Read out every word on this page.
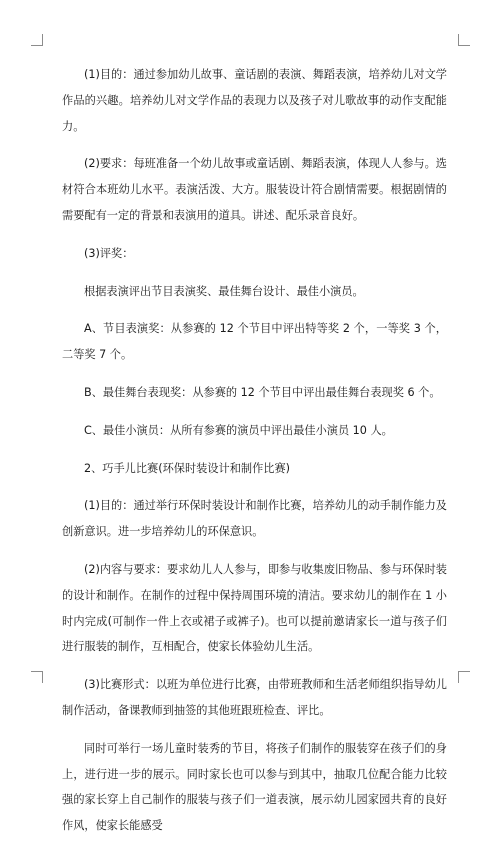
(1)目的：通过参加幼儿故事、童话剧的表演、舞蹈表演，培养幼儿对文学作品的兴趣。培养幼儿对文学作品的表现力以及孩子对儿歌故事的动作支配能力。

(2)要求：每班准备一个幼儿故事或童话剧、舞蹈表演，体现人人参与。选材符合本班幼儿水平。表演活泼、大方。服装设计符合剧情需要。根据剧情的需要配有一定的背景和表演用的道具。讲述、配乐录音良好。

(3)评奖：

根据表演评出节目表演奖、最佳舞台设计、最佳小演员。

A、节目表演奖：从参赛的 12 个节目中评出特等奖 2 个，一等奖 3 个，二等奖 7 个。

B、最佳舞台表现奖：从参赛的 12 个节目中评出最佳舞台表现奖 6 个。

C、最佳小演员：从所有参赛的演员中评出最佳小演员 10 人。

2、巧手儿比赛(环保时装设计和制作比赛)

(1)目的：通过举行环保时装设计和制作比赛，培养幼儿的动手制作能力及创新意识。进一步培养幼儿的环保意识。

(2)内容与要求：要求幼儿人人参与，即参与收集废旧物品、参与环保时装的设计和制作。在制作的过程中保持周围环境的清洁。要求幼儿的制作在 1 小时内完成(可制作一件上衣或裙子或裤子)。也可以提前邀请家长一道与孩子们进行服装的制作，互相配合，使家长体验幼儿生活。

(3)比赛形式：以班为单位进行比赛，由带班教师和生活老师组织指导幼儿制作活动，备课教师到抽签的其他班跟班检查、评比。

同时可举行一场儿童时装秀的节目，将孩子们制作的服装穿在孩子们的身上，进行进一步的展示。同时家长也可以参与到其中，抽取几位配合能力比较强的家长穿上自己制作的服装与孩子们一道表演，展示幼儿园家园共育的良好作风，使家长能感受
